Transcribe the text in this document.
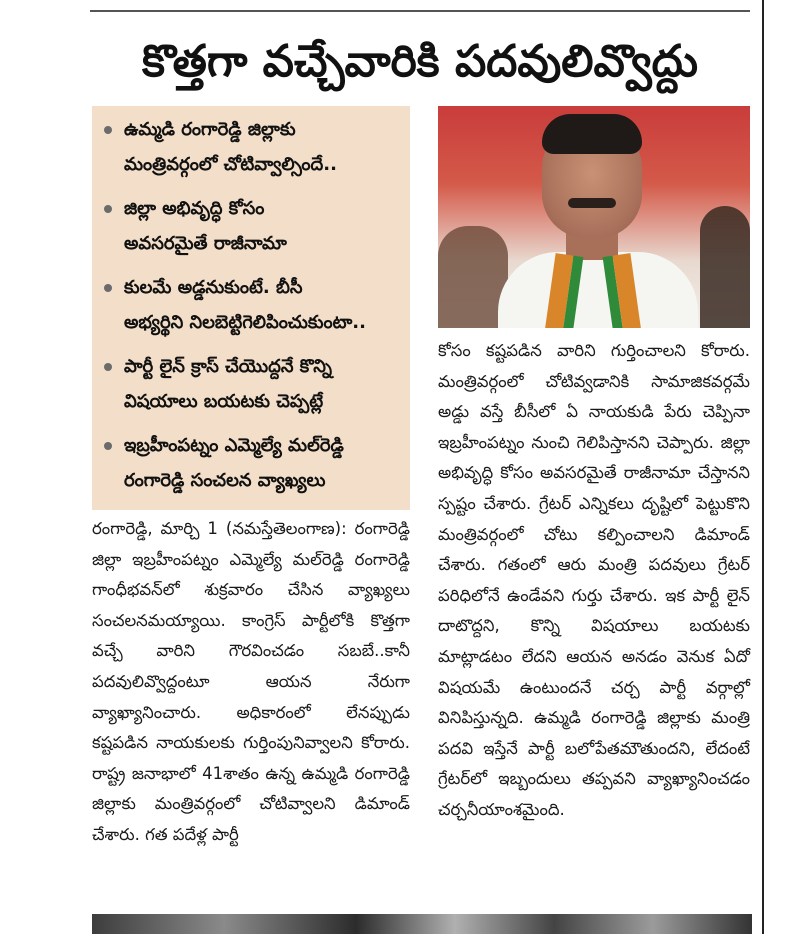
కొత్తగా వచ్చేవారికి పదవులివ్వొద్దు
ఉమ్మడి రంగారెడ్డి జిల్లాకు
మంత్రివర్గంలో చోటివ్వాల్సిందే..
జిల్లా అభివృద్ధి కోసం
అవసరమైతే రాజీనామా
కులమే అడ్డనుకుంటే. బీసీ
అభ్యర్థిని నిలబెట్టిగెలిపించుకుంటా..
పార్టీ లైన్ క్రాస్ చేయొద్దనే కొన్ని
విషయాలు బయటకు చెప్పట్లే
ఇబ్రహీంపట్నం ఎమ్మెల్యే మల్‌రెడ్డి
రంగారెడ్డి సంచలన వ్యాఖ్యలు

రంగారెడ్డి, మార్చి 1 (నమస్తేతెలంగాణ): రంగారెడ్డి జిల్లా ఇబ్రహీంపట్నం ఎమ్మెల్యే మల్‌రెడ్డి రంగారెడ్డి గాంధీభవన్‌లో శుక్రవారం చేసిన వ్యాఖ్యలు సంచలనమయ్యాయి. కాంగ్రెస్ పార్టీలోకి కొత్తగా వచ్చే వారిని గౌరవించడం సబబే..కానీ పదవులివ్వొద్దంటూ ఆయన నేరుగా వ్యాఖ్యానించారు. అధికారంలో లేనప్పుడు కష్టపడిన నాయకులకు గుర్తింపునివ్వాలని కోరారు. రాష్ట్ర జనాభాలో 41శాతం ఉన్న ఉమ్మడి రంగారెడ్డి జిల్లాకు మంత్రివర్గంలో చోటివ్వాలని డిమాండ్ చేశారు. గత పదేళ్ల పార్టీ

కోసం కష్టపడిన వారిని గుర్తించాలని కోరారు. మంత్రివర్గంలో చోటివ్వడానికి సామాజికవర్గమే అడ్డు వస్తే బీసీలో ఏ నాయకుడి పేరు చెప్పినా ఇబ్రహీంపట్నం నుంచి గెలిపిస్తానని చెప్పారు. జిల్లా అభివృద్ధి కోసం అవసరమైతే రాజీనామా చేస్తానని స్పష్టం చేశారు. గ్రేటర్ ఎన్నికలు దృష్టిలో పెట్టుకొని మంత్రివర్గంలో చోటు కల్పించాలని డిమాండ్ చేశారు. గతంలో ఆరు మంత్రి పదవులు గ్రేటర్ పరిధిలోనే ఉండేవని గుర్తు చేశారు. ఇక పార్టీ లైన్ దాటొద్దని, కొన్ని విషయాలు బయటకు మాట్లాడటం లేదని ఆయన అనడం వెనుక ఏదో విషయమే ఉంటుందనే చర్చ పార్టీ వర్గాల్లో వినిపిస్తున్నది. ఉమ్మడి రంగారెడ్డి జిల్లాకు మంత్రి పదవి ఇస్తేనే పార్టీ బలోపేతమౌతుందని, లేదంటే గ్రేటర్‌లో ఇబ్బందులు తప్పవని వ్యాఖ్యానించడం చర్చనీయాంశమైంది.
